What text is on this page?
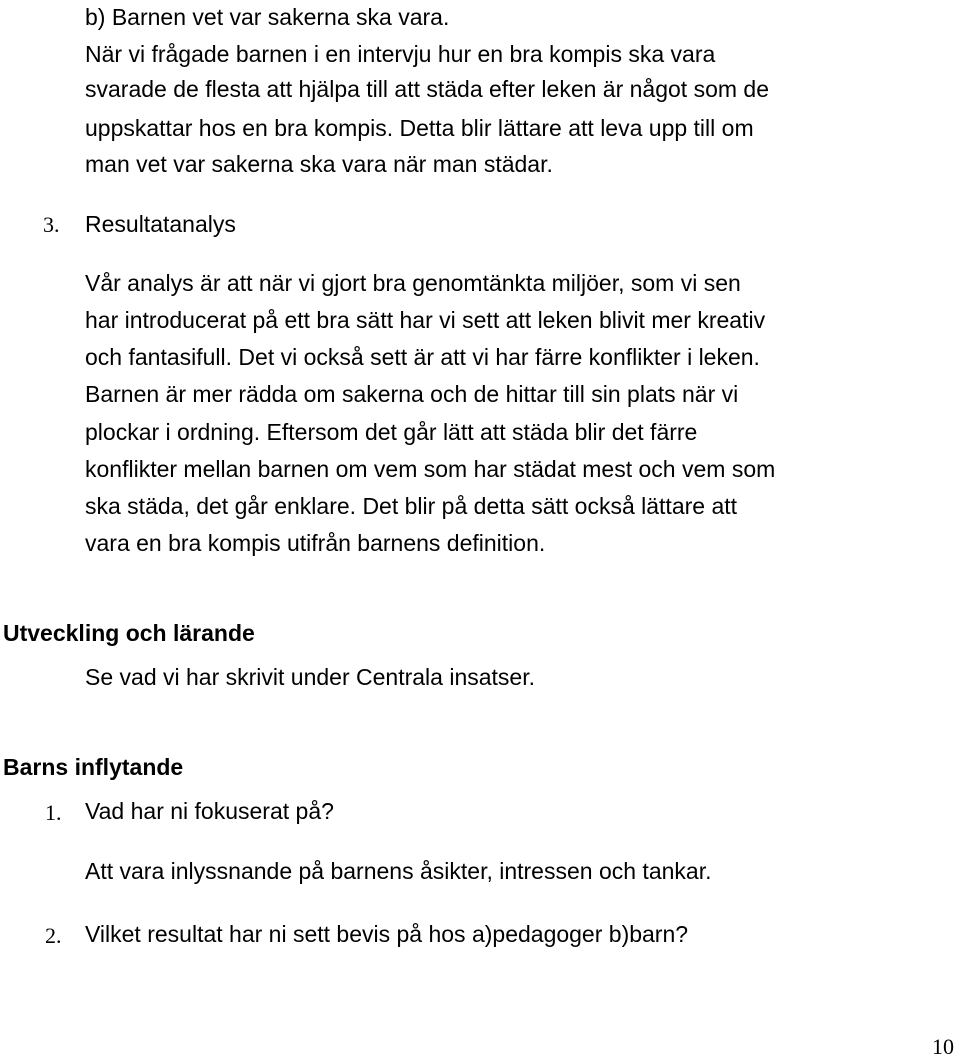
b) Barnen vet var sakerna ska vara.
När vi frågade barnen i en intervju hur en bra kompis ska vara
svarade de flesta att hjälpa till att städa efter leken är något som de
uppskattar hos en bra kompis. Detta blir lättare att leva upp till om
man vet var sakerna ska vara när man städar.
3. Resultatanalys
Vår analys är att när vi gjort bra genomtänkta miljöer, som vi sen
har introducerat på ett bra sätt har vi sett att leken blivit mer kreativ
och fantasifull. Det vi också sett är att vi har färre konflikter i leken.
Barnen är mer rädda om sakerna och de hittar till sin plats när vi
plockar i ordning. Eftersom det går lätt att städa blir det färre
konflikter mellan barnen om vem som har städat mest och vem som
ska städa, det går enklare. Det blir på detta sätt också lättare att
vara en bra kompis utifrån barnens definition.
Utveckling och lärande
Se vad vi har skrivit under Centrala insatser.
Barns inflytande
1. Vad har ni fokuserat på?
Att vara inlyssnande på barnens åsikter, intressen och tankar.
2. Vilket resultat har ni sett bevis på hos a)pedagoger b)barn?
10
